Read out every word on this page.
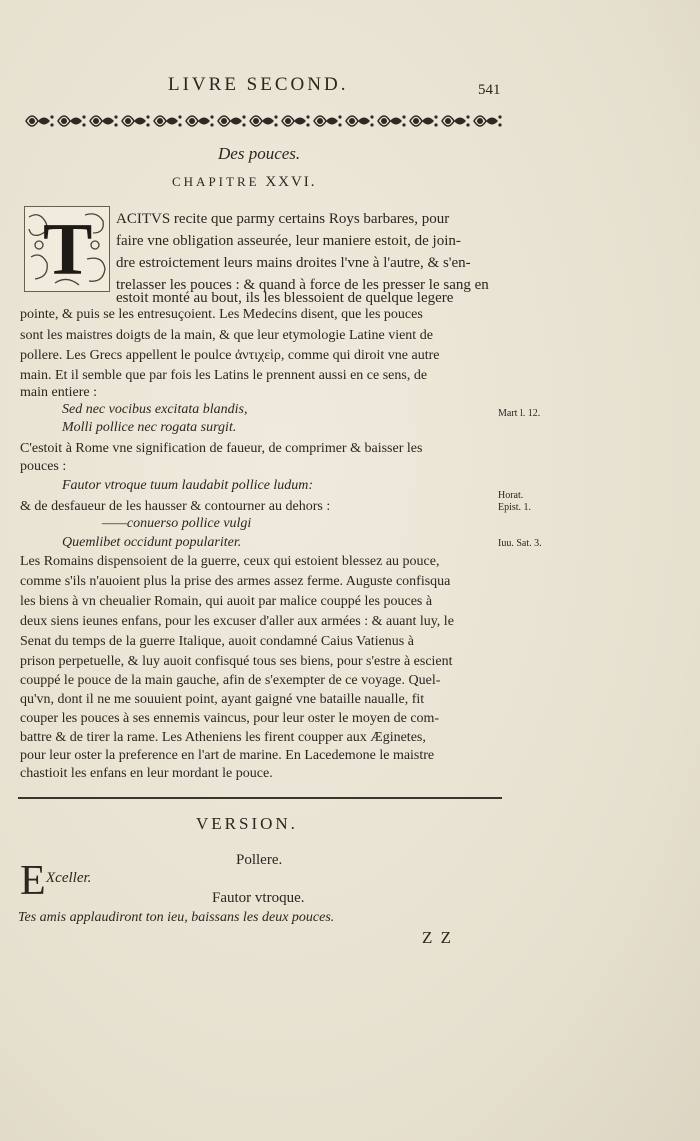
LIVRE SECOND.	541
Des pouces.
CHAPITRE XXVI.
T ACITVS recite que parmy certains Roys barbares, pour
faire vne obligation asseurée, leur maniere estoit, de join-
dre estroictement leurs mains droites l'vne à l'autre, & s'en-
trelasser les pouces : & quand à force de les presser le sang en
estoit monté au bout, ils les blessoient de quelque legere
pointe, & puis se les entresuçoient. Les Medecins disent, que les pouces
sont les maistres doigts de la main, & que leur etymologie Latine vient de
pollere. Les Grecs appellent le poulce ἀντιχεὶρ, comme qui diroit vne autre
main. Et il semble que par fois les Latins le prennent aussi en ce sens, de
main entiere :
Sed nec vocibus excitata blandis,
Molli pollice nec rogata surgit.
Mart l. 12.
C'estoit à Rome vne signification de faueur, de comprimer & baisser les
pouces :
Fautor vtroque tuum laudabit pollice ludum:
& de desfaueur de les hausser & contourner au dehors :
Horat.
Epist. 1.
——conuerso pollice vulgi
Quemlibet occidunt populariter.	Iuu. Sat. 3.
Les Romains dispensoient de la guerre, ceux qui estoient blessez au pouce,
comme s'ils n'auoient plus la prise des armes assez ferme. Auguste confisqua
les biens à vn cheualier Romain, qui auoit par malice couppé les pouces à
deux siens ieunes enfans, pour les excuser d'aller aux armées : & auant luy, le
Senat du temps de la guerre Italique, auoit condamné Caius Vatienus à
prison perpetuelle, & luy auoit confisqué tous ses biens, pour s'estre à escient
couppé le pouce de la main gauche, afin de s'exempter de ce voyage. Quel-
qu'vn, dont il ne me souuient point, ayant gaigné vne bataille naualle, fit
couper les pouces à ses ennemis vaincus, pour leur oster le moyen de com-
battre & de tirer la rame. Les Atheniens les firent coupper aux Æginetes,
pour leur oster la preference en l'art de marine. En Lacedemone le maistre
chastioit les enfans en leur mordant le pouce.
VERSION.
Pollere.
E Xceller.
Fautor vtroque.
Tes amis applaudiront ton ieu, baissans les deux pouces.
Z Z
